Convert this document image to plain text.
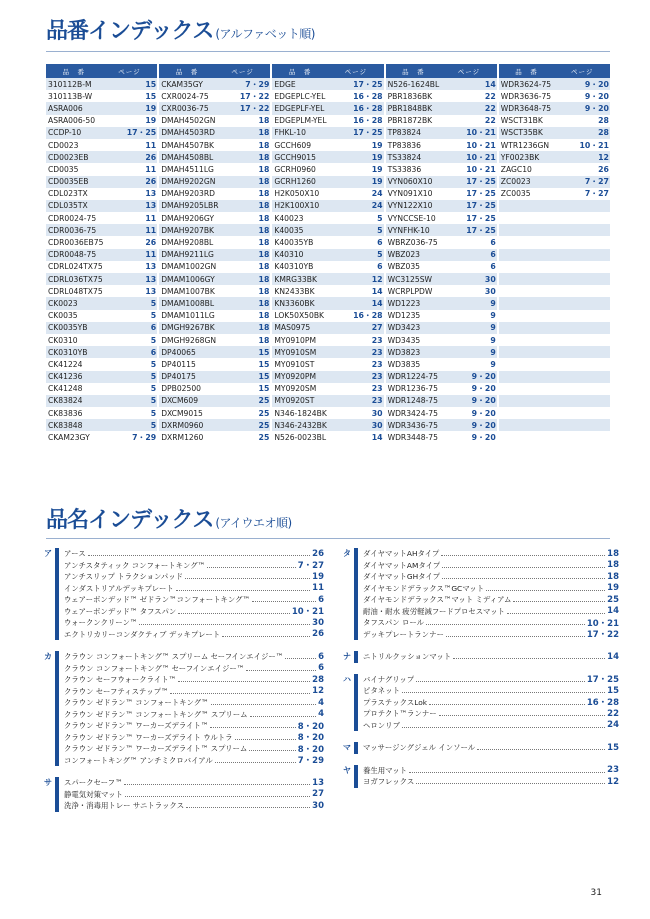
品番インデックス (アルファベット順)
品　番	ページ
310112B-M	15
310113B-W	15
ASRA006	19
ASRA006-50	19
CCDP-10	17・25
CD0023	11
CD0023EB	26
CD0035	11
CD0035EB	26
CDL023TX	13
CDL035TX	13
CDR0024-75	11
CDR0036-75	11
CDR0036EB75	26
CDR0048-75	11
CDRL024TX75	13
CDRL036TX75	13
CDRL048TX75	13
CK0023	5
CK0035	5
CK0035YB	6
CK0310	5
CK0310YB	6
CK41224	5
CK41236	5
CK41248	5
CK83824	5
CK83836	5
CK83848	5
CKAM23GY	7・29
品　番	ページ
CKAM35GY	7・29
CXR0024-75	17・22
CXR0036-75	17・22
DMAH4502GN	18
DMAH4503RD	18
DMAH4507BK	18
DMAH4508BL	18
DMAH4511LG	18
DMAH9202GN	18
DMAH9203RD	18
DMAH9205LBR	18
DMAH9206GY	18
DMAH9207BK	18
DMAH9208BL	18
DMAH9211LG	18
DMAM1002GN	18
DMAM1006GY	18
DMAM1007BK	18
DMAM1008BL	18
DMAM1011LG	18
DMGH9267BK	18
DMGH9268GN	18
DP40065	15
DP40115	15
DP40175	15
DPB02500	15
DXCM609	25
DXCM9015	25
DXRM0960	25
DXRM1260	25
品　番	ページ
EDGE	17・25
EDGEPLC-YEL	16・28
EDGEPLF-YEL	16・28
EDGEPLM-YEL	16・28
FHKL-10	17・25
GCCH609	19
GCCH9015	19
GCRH0960	19
GCRH1260	19
H2K050X10	24
H2K100X10	24
K40023	5
K40035	5
K40035YB	6
K40310	5
K40310YB	6
KMRG33BK	12
KN2433BK	14
KN3360BK	14
LOK50X50BK	16・28
MAS0975	27
MY0910PM	23
MY0910SM	23
MY0910ST	23
MY0920PM	23
MY0920SM	23
MY0920ST	23
N346-1824BK	30
N346-2432BK	30
N526-0023BL	14
品　番	ページ
N526-1624BL	14
PBR1836BK	22
PBR1848BK	22
PBR1872BK	22
TP83824	10・21
TP83836	10・21
TS33824	10・21
TS33836	10・21
VYN060X10	17・25
VYN091X10	17・25
VYN122X10	17・25
VYNCCSE-10	17・25
VYNFHK-10	17・25
WBRZ036-75	6
WBZ023	6
WBZ035	6
WC3125SW	30
WCRPLPDW	30
WD1223	9
WD1235	9
WD3423	9
WD3435	9
WD3823	9
WD3835	9
WDR1224-75	9・20
WDR1236-75	9・20
WDR1248-75	9・20
WDR3424-75	9・20
WDR3436-75	9・20
WDR3448-75	9・20
品　番	ページ
WDR3624-75	9・20
WDR3636-75	9・20
WDR3648-75	9・20
WSCT31BK	28
WSCT35BK	28
WTR1236GN	10・21
YF0023BK	12
ZAGC10	26
ZC0023	7・27
ZC0035	7・27
品名インデックス (アイウエオ順)
ア	アース	26
アンチスタティック コンフォートキング™	7・27
アンチスリップ トラクションパッド	19
インダストリアルデッキプレート	11
ウェアーボンデッド™ ゼドラン™コンフォートキング™	6
ウェアーボンデッド™ タフスパン	10・21
ウォークンクリーン™	30
エクトリカリーコンダクティブ デッキプレート	26
カ	クラウン コンフォートキング™ スプリーム セーフインエイジー™	6
クラウン コンフォートキング™ セーフインエイジー™	6
クラウン セーフウォークライト™	28
クラウン セーフティステップ™	12
クラウン ゼドラン™ コンフォートキング™	4
クラウン ゼドラン™ コンフォートキング™ スプリーム	4
クラウン ゼドラン™ ワーカーズデライト™	8・20
クラウン ゼドラン™ ワーカーズデライト ウルトラ	8・20
クラウン ゼドラン™ ワーカーズデライト™ スプリーム	8・20
コンフォートキング™ アンチミクロバイアル	7・29
サ	スパークセーフ™	13
静電気対策マット	27
洗浄・消毒用トレー サニトラックス	30
タ	ダイヤマットAHタイプ	18
ダイヤマットAMタイプ	18
ダイヤマットGHタイプ	18
ダイヤモンドデラックス™GCマット	19
ダイヤモンドデラックス™マット ミディアム	25
耐油・耐水 疲労軽減フードプロセスマット	14
タフスパン ロール	10・21
デッキプレートランナー	17・22
ナ	ニトリルクッションマット	14
ハ	バイナグリップ	17・25
ピタネット	15
プラステックスLok	16・28
プロテクト™ランナー	22
ヘロンリブ	24
マ	マッサージングジェル インソール	15
ヤ	養生用マット	23
ヨガフレックス	12
31
